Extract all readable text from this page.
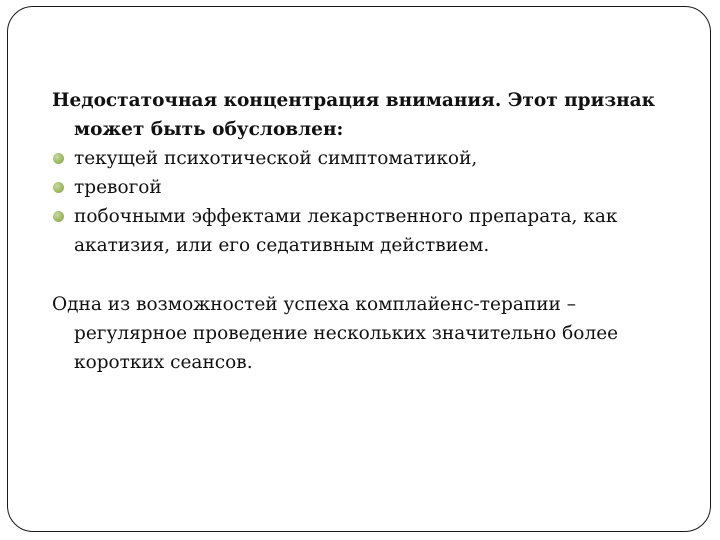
Недостаточная концентрация внимания. Этот признак может быть обусловлен:

текущей психотической симптоматикой,
тревогой
побочными эффектами лекарственного препарата, как акатизия, или его седативным действием.

Одна из возможностей успеха комплайенс-терапии – регулярное проведение нескольких значительно более коротких сеансов.
